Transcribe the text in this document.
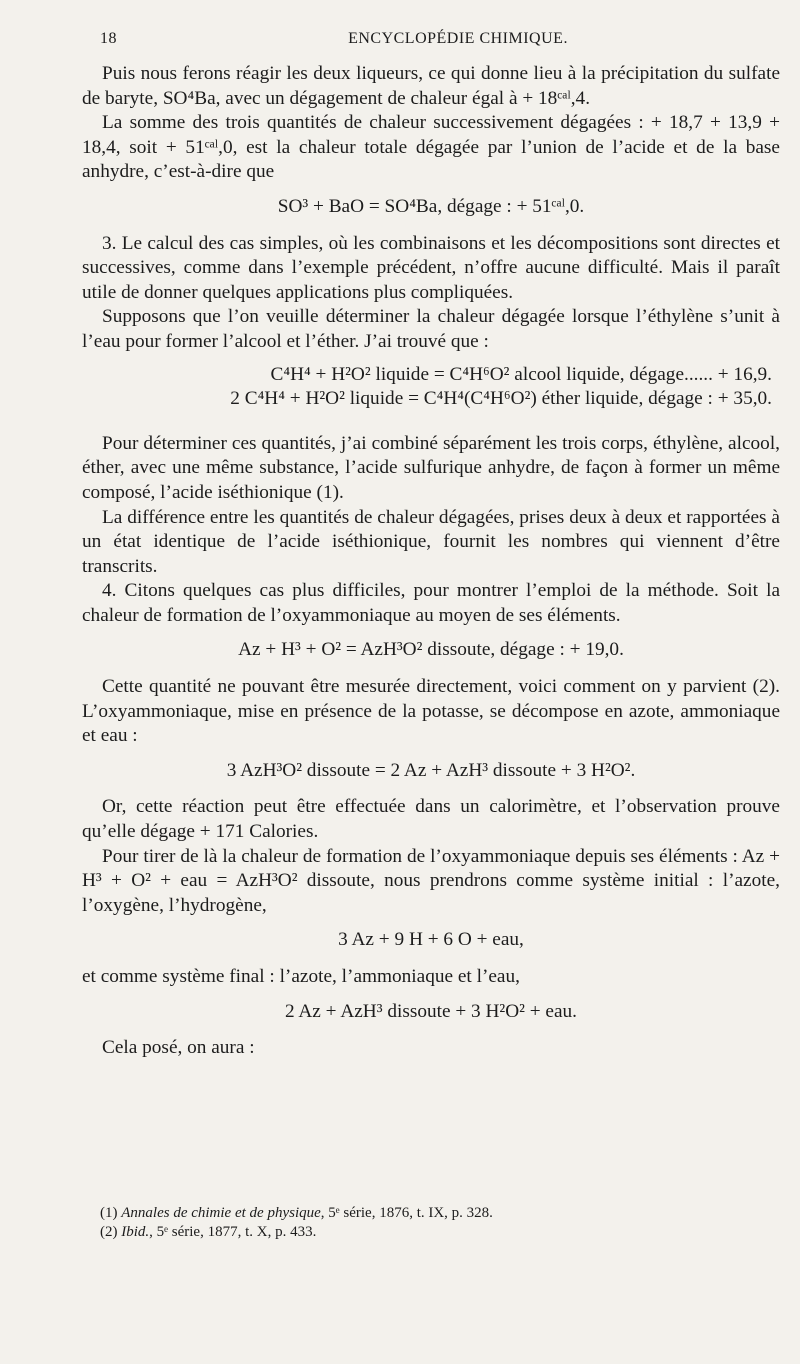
18	ENCYCLOPÉDIE CHIMIQUE.

Puis nous ferons réagir les deux liqueurs, ce qui donne lieu à la précipitation du sulfate de baryte, SO⁴Ba, avec un dégagement de chaleur égal à + 18ᶜᵃˡ,4.

La somme des trois quantités de chaleur successivement dégagées : + 18,7 + 13,9 + 18,4, soit + 51ᶜᵃˡ,0, est la chaleur totale dégagée par l’union de l’acide et de la base anhydre, c’est-à-dire que

SO³ + BaO = SO⁴Ba, dégage : + 51ᶜᵃˡ,0.

3. Le calcul des cas simples, où les combinaisons et les décompositions sont directes et successives, comme dans l’exemple précédent, n’offre aucune difficulté. Mais il paraît utile de donner quelques applications plus compliquées.

Supposons que l’on veuille déterminer la chaleur dégagée lorsque l’éthylène s’unit à l’eau pour former l’alcool et l’éther. J’ai trouvé que :

C⁴H⁴ + H²O² liquide = C⁴H⁶O² alcool liquide, dégage...... + 16,9.
2 C⁴H⁴ + H²O² liquide = C⁴H⁴(C⁴H⁶O²) éther liquide, dégage : + 35,0.

Pour déterminer ces quantités, j’ai combiné séparément les trois corps, éthylène, alcool, éther, avec une même substance, l’acide sulfurique anhydre, de façon à former un même composé, l’acide iséthionique (1).

La différence entre les quantités de chaleur dégagées, prises deux à deux et rapportées à un état identique de l’acide iséthionique, fournit les nombres qui viennent d’être transcrits.

4. Citons quelques cas plus difficiles, pour montrer l’emploi de la méthode. Soit la chaleur de formation de l’oxyammoniaque au moyen de ses éléments.

Az + H³ + O² = AzH³O² dissoute, dégage : + 19,0.

Cette quantité ne pouvant être mesurée directement, voici comment on y parvient (2). L’oxyammoniaque, mise en présence de la potasse, se décompose en azote, ammoniaque et eau :

3 AzH³O² dissoute = 2 Az + AzH³ dissoute + 3 H²O².

Or, cette réaction peut être effectuée dans un calorimètre, et l’observation prouve qu’elle dégage + 171 Calories.

Pour tirer de là la chaleur de formation de l’oxyammoniaque depuis ses éléments : Az + H³ + O² + eau = AzH³O² dissoute, nous prendrons comme système initial : l’azote, l’oxygène, l’hydrogène,

3 Az + 9 H + 6 O + eau,

et comme système final : l’azote, l’ammoniaque et l’eau,

2 Az + AzH³ dissoute + 3 H²O² + eau.

Cela posé, on aura :

(1) Annales de chimie et de physique, 5ᵉ série, 1876, t. IX, p. 328.

(2) Ibid., 5ᵉ série, 1877, t. X, p. 433.
